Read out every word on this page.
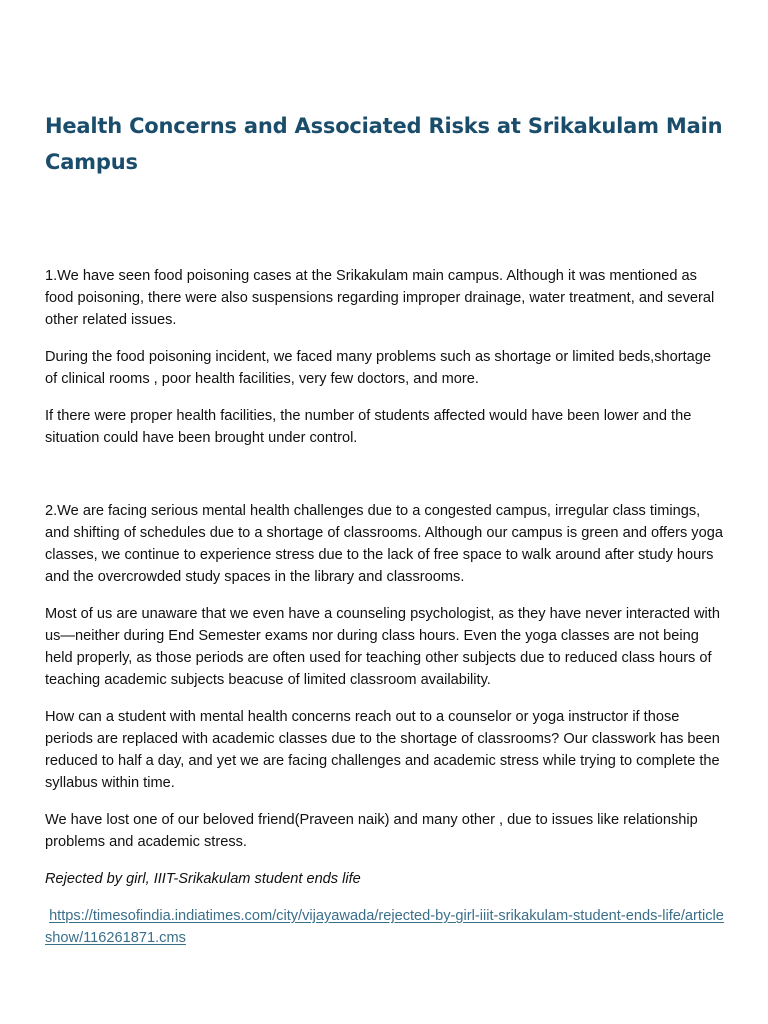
Health Concerns and Associated Risks at Srikakulam Main Campus

1.We have seen food poisoning cases at the Srikakulam main campus. Although it was mentioned as food poisoning, there were also suspensions regarding improper drainage, water treatment, and several other related issues.

During the food poisoning incident, we faced many problems such as shortage or limited beds,shortage of clinical rooms , poor health facilities, very few doctors, and more.

If there were proper health facilities, the number of students affected would have been lower and the situation could have been brought under control.

2.We are facing serious mental health challenges due to a congested campus, irregular class timings, and shifting of schedules due to a shortage of classrooms. Although our campus is green and offers yoga classes, we continue to experience stress due to the lack of free space to walk around after study hours and the overcrowded study spaces in the library and classrooms.

Most of us are unaware that we even have a counseling psychologist, as they have never interacted with us—neither during End Semester exams nor during class hours. Even the yoga classes are not being held properly, as those periods are often used for teaching other subjects due to reduced class hours of teaching academic subjects beacuse of limited classroom availability.

How can a student with mental health concerns reach out to a counselor or yoga instructor if those periods are replaced with academic classes due to the shortage of classrooms? Our classwork has been reduced to half a day, and yet we are facing challenges and academic stress while trying to complete the syllabus within time.

We have lost one of our beloved friend(Praveen naik) and many other , due to issues like relationship problems and academic stress.

Rejected by girl, IIIT-Srikakulam student ends life

https://timesofindia.indiatimes.com/city/vijayawada/rejected-by-girl-iiit-srikakulam-student-ends-life/articleshow/116261871.cms
